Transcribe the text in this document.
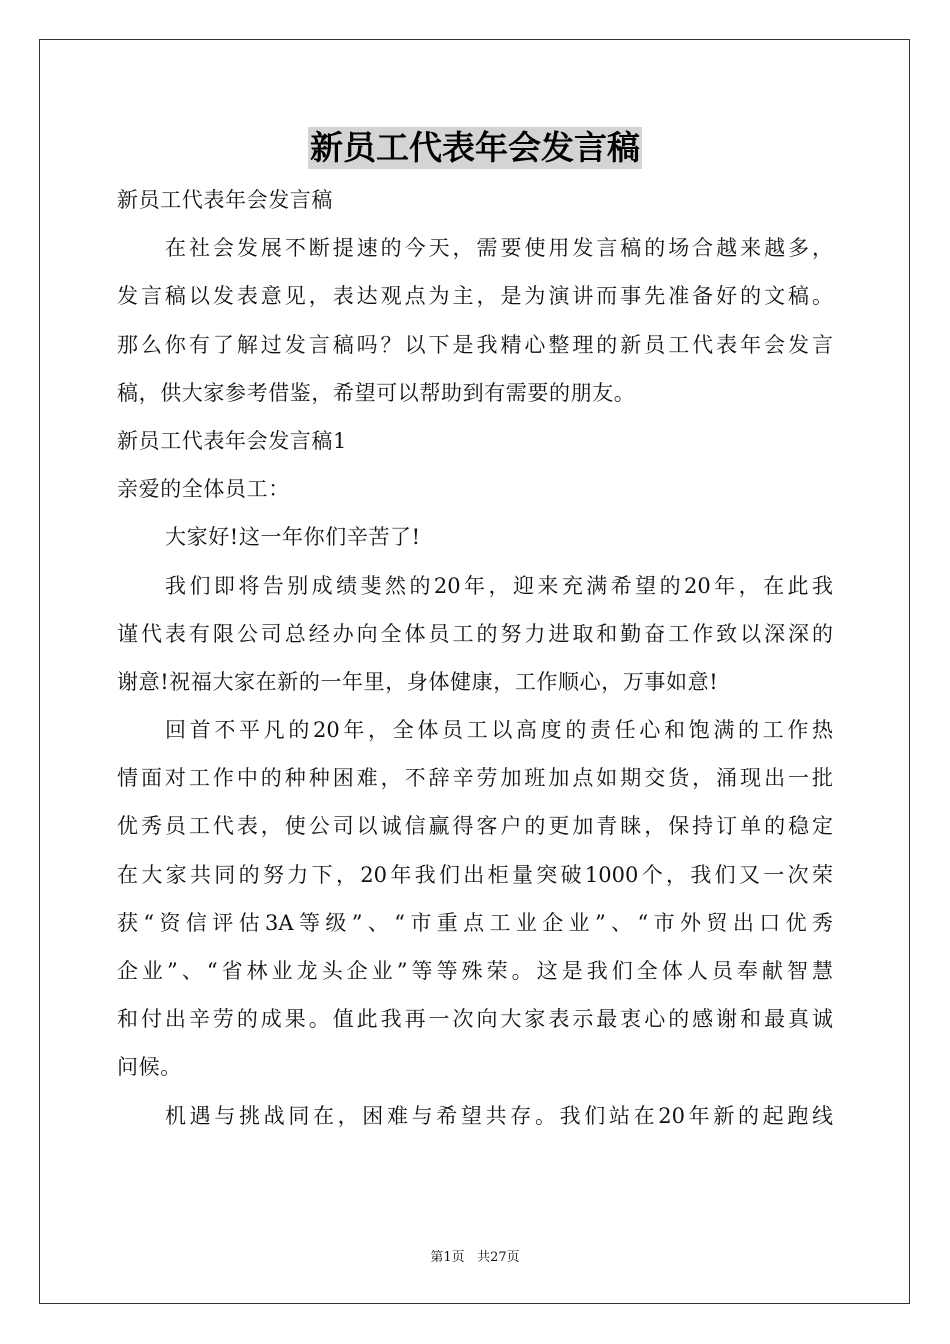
新员工代表年会发言稿
新员工代表年会发言稿
在社会发展不断提速的今天，需要使用发言稿的场合越来越多，
发言稿以发表意见，表达观点为主，是为演讲而事先准备好的文稿。
那么你有了解过发言稿吗？以下是我精心整理的新员工代表年会发言
稿，供大家参考借鉴，希望可以帮助到有需要的朋友。
新员工代表年会发言稿1
亲爱的全体员工：
大家好!这一年你们辛苦了!
我们即将告别成绩斐然的20年，迎来充满希望的20年，在此我
谨代表有限公司总经办向全体员工的努力进取和勤奋工作致以深深的
谢意!祝福大家在新的一年里，身体健康，工作顺心，万事如意!
回首不平凡的20年，全体员工以高度的责任心和饱满的工作热
情面对工作中的种种困难，不辞辛劳加班加点如期交货，涌现出一批
优秀员工代表，使公司以诚信赢得客户的更加青睐，保持订单的稳定
在大家共同的努力下，20年我们出柜量突破1000个，我们又一次荣
获“资信评估3A等级”、“市重点工业企业”、“市外贸出口优秀
企业”、“省林业龙头企业”等等殊荣。这是我们全体人员奉献智慧
和付出辛劳的成果。值此我再一次向大家表示最衷心的感谢和最真诚
问候。
机遇与挑战同在，困难与希望共存。我们站在20年新的起跑线
第1页 共27页
